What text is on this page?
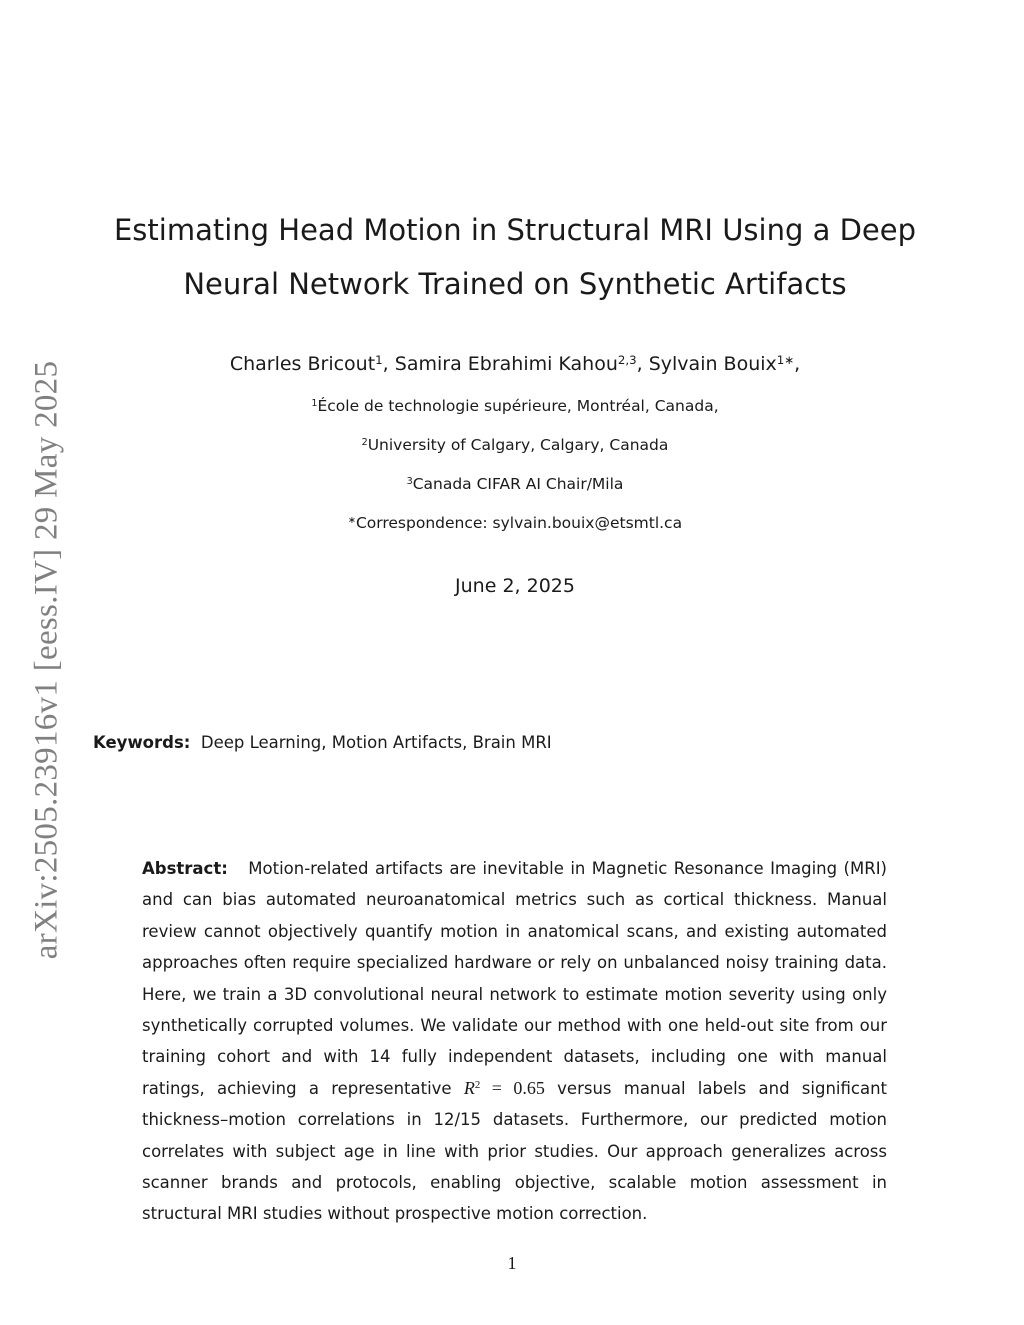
arXiv:2505.23916v1 [eess.IV] 29 May 2025
Estimating Head Motion in Structural MRI Using a Deep
Neural Network Trained on Synthetic Artifacts

Charles Bricout$^1$, Samira Ebrahimi Kahou$^{2,3}$, Sylvain Bouix$^{1∗}$,

$^1$École de technologie supérieure, Montréal, Canada,

$^2$University of Calgary, Calgary, Canada

$^3$Canada CIFAR AI Chair/Mila

∗Correspondence: sylvain.bouix@etsmtl.ca

June 2, 2025

Keywords: Deep Learning, Motion Artifacts, Brain MRI

Abstract: Motion-related artifacts are inevitable in Magnetic Resonance Imaging (MRI) and can bias automated neuroanatomical metrics such as cortical thickness. Manual review cannot objectively quantify motion in anatomical scans, and existing automated approaches often require specialized hardware or rely on unbalanced noisy training data. Here, we train a 3D convolutional neural network to estimate motion severity using only synthetically corrupted volumes. We validate our method with one held-out site from our training cohort and with 14 fully independent datasets, including one with manual ratings, achieving a representative $R^2 = 0.65$ versus manual labels and significant thickness–motion correlations in 12/15 datasets. Furthermore, our predicted motion correlates with subject age in line with prior studies. Our approach generalizes across scanner brands and protocols, enabling objective, scalable motion assessment in structural MRI studies without prospective motion correction.

1
